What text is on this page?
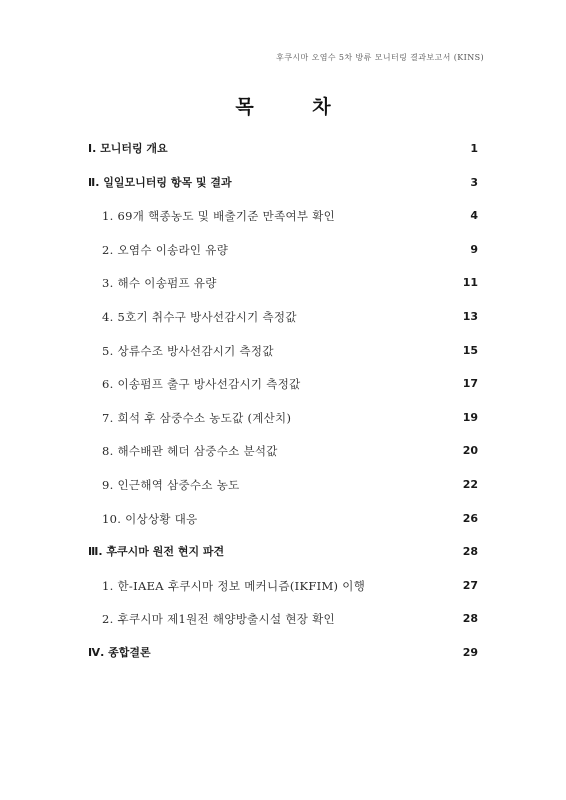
후쿠시마 오염수 5차 방류 모니터링 결과보고서 (KINS)
목 차
Ⅰ. 모니터링 개요	1
Ⅱ. 일일모니터링 항목 및 결과	3
1. 69개 핵종농도 및 배출기준 만족여부 확인	4
2. 오염수 이송라인 유량	9
3. 해수 이송펌프 유량	11
4. 5호기 취수구 방사선감시기 측정값	13
5. 상류수조 방사선감시기 측정값	15
6. 이송펌프 출구 방사선감시기 측정값	17
7. 희석 후 삼중수소 농도값 (계산치)	19
8. 해수배관 헤더 삼중수소 분석값	20
9. 인근해역 삼중수소 농도	22
10. 이상상황 대응	26
Ⅲ. 후쿠시마 원전 현지 파견	28
1. 한-IAEA 후쿠시마 정보 메커니즘(IKFIM) 이행	27
2. 후쿠시마 제1원전 해양방출시설 현장 확인	28
Ⅳ. 종합결론	29
